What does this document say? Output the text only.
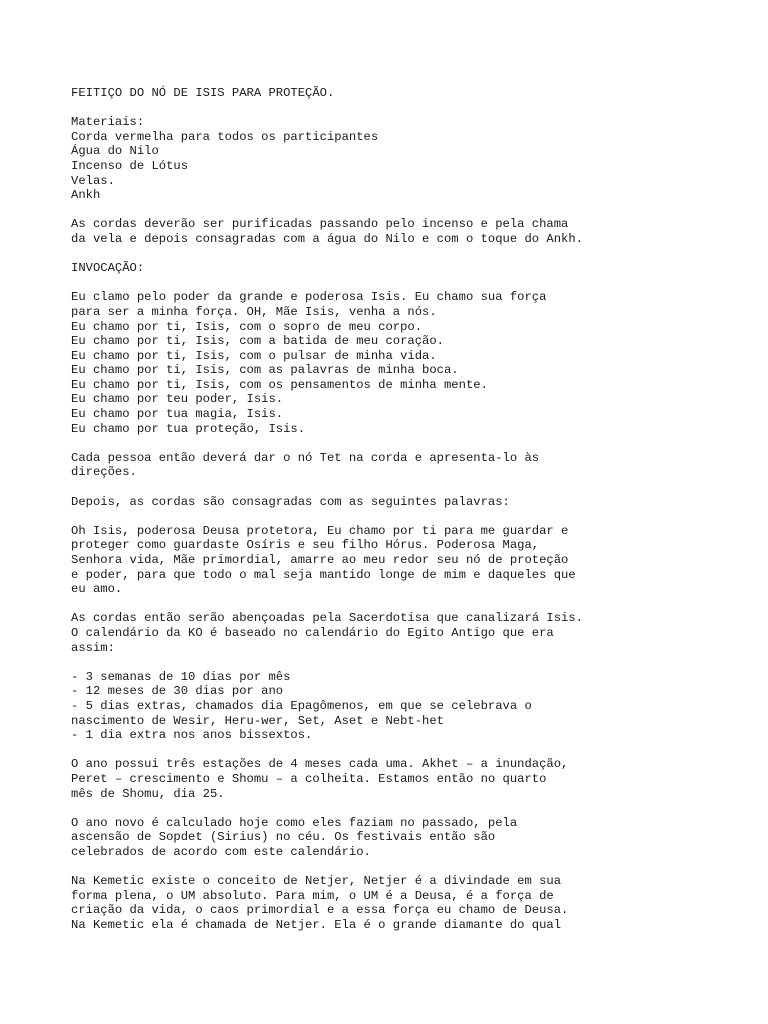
FEITIÇO DO NÓ DE ISIS PARA PROTEÇÃO.
Materiais:
Corda vermelha para todos os participantes
Água do Nilo
Incenso de Lótus
Velas.
Ankh
As cordas deverão ser purificadas passando pelo incenso e pela chama
da vela e depois consagradas com a água do Nilo e com o toque do Ankh.
INVOCAÇÃO:
Eu clamo pelo poder da grande e poderosa Isis. Eu chamo sua força
para ser a minha força. OH, Mãe Isis, venha a nós.
Eu chamo por ti, Isis, com o sopro de meu corpo.
Eu chamo por ti, Isis, com a batida de meu coração.
Eu chamo por ti, Isis, com o pulsar de minha vida.
Eu chamo por ti, Isis, com as palavras de minha boca.
Eu chamo por ti, Isis, com os pensamentos de minha mente.
Eu chamo por teu poder, Isis.
Eu chamo por tua magia, Isis.
Eu chamo por tua proteção, Isis.
Cada pessoa então deverá dar o nó Tet na corda e apresenta-lo às
direções.
Depois, as cordas são consagradas com as seguintes palavras:
Oh Isis, poderosa Deusa protetora, Eu chamo por ti para me guardar e
proteger como guardaste Osíris e seu filho Hórus. Poderosa Maga,
Senhora vida, Mãe primordial, amarre ao meu redor seu nó de proteção
e poder, para que todo o mal seja mantido longe de mim e daqueles que
eu amo.
As cordas então serão abençoadas pela Sacerdotisa que canalizará Isis.
O calendário da KO é baseado no calendário do Egito Antigo que era
assim:
- 3 semanas de 10 dias por mês
- 12 meses de 30 dias por ano
- 5 dias extras, chamados dia Epagômenos, em que se celebrava o
nascimento de Wesir, Heru-wer, Set, Aset e Nebt-het
- 1 dia extra nos anos bissextos.
O ano possui três estações de 4 meses cada uma. Akhet – a inundação,
Peret – crescimento e Shomu – a colheita. Estamos então no quarto
mês de Shomu, dia 25.
O ano novo é calculado hoje como eles faziam no passado, pela
ascensão de Sopdet (Sirius) no céu. Os festivais então são
celebrados de acordo com este calendário.
Na Kemetic existe o conceito de Netjer, Netjer é a divindade em sua
forma plena, o UM absoluto. Para mim, o UM é a Deusa, é a força de
criação da vida, o caos primordial e a essa força eu chamo de Deusa.
Na Kemetic ela é chamada de Netjer. Ela é o grande diamante do qual
